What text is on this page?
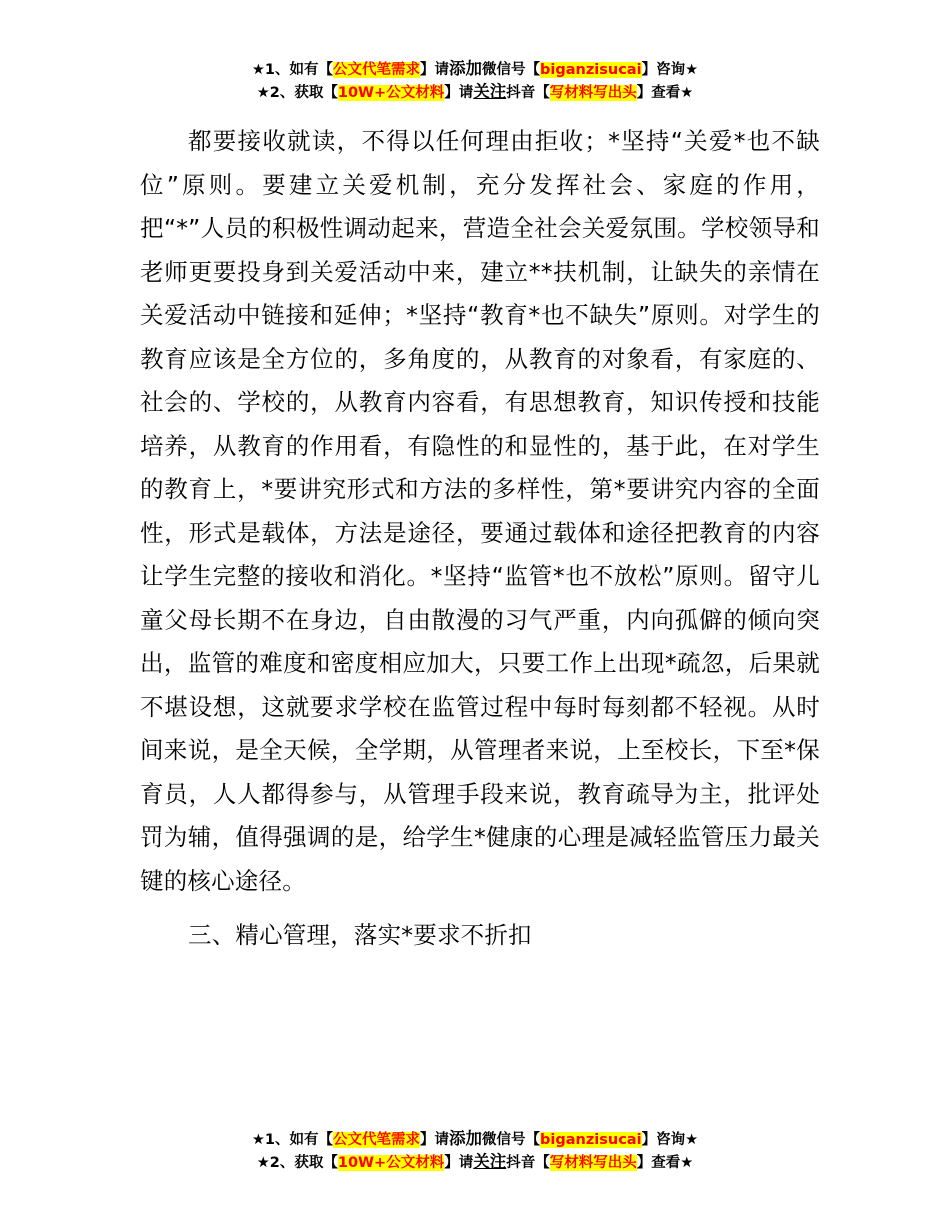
★1、如有【公文代笔需求】请添加微信号【biganzisucai】咨询★
★2、获取【10W+公文材料】请关注抖音【写材料写出头】查看★

都要接收就读，不得以任何理由拒收；*坚持“关爱*也不缺位”原则。要建立关爱机制，充分发挥社会、家庭的作用，把“*”人员的积极性调动起来，营造全社会关爱氛围。学校领导和老师更要投身到关爱活动中来，建立**扶机制，让缺失的亲情在关爱活动中链接和延伸；*坚持“教育*也不缺失”原则。对学生的教育应该是全方位的，多角度的，从教育的对象看，有家庭的、社会的、学校的，从教育内容看，有思想教育，知识传授和技能培养，从教育的作用看，有隐性的和显性的，基于此，在对学生的教育上，*要讲究形式和方法的多样性，第*要讲究内容的全面性，形式是载体，方法是途径，要通过载体和途径把教育的内容让学生完整的接收和消化。*坚持“监管*也不放松”原则。留守儿童父母长期不在身边，自由散漫的习气严重，内向孤僻的倾向突出，监管的难度和密度相应加大，只要工作上出现*疏忽，后果就不堪设想，这就要求学校在监管过程中每时每刻都不轻视。从时间来说，是全天候，全学期，从管理者来说，上至校长，下至*保育员，人人都得参与，从管理手段来说，教育疏导为主，批评处罚为辅，值得强调的是，给学生*健康的心理是减轻监管压力最关键的核心途径。

三、精心管理，落实*要求不折扣

★1、如有【公文代笔需求】请添加微信号【biganzisucai】咨询★
★2、获取【10W+公文材料】请关注抖音【写材料写出头】查看★
